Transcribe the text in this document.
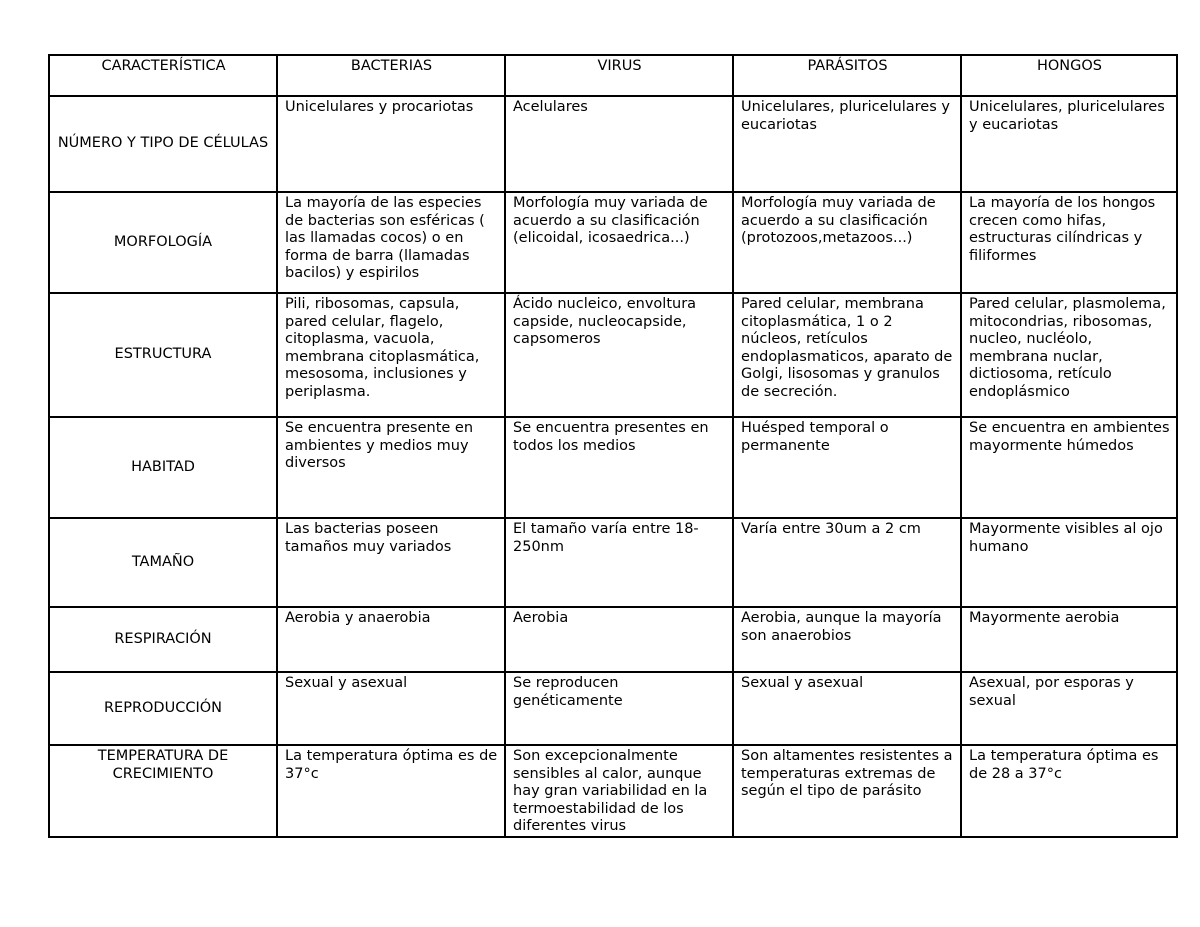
CARACTERÍSTICA	BACTERIAS	VIRUS	PARÁSITOS	HONGOS
NÚMERO Y TIPO DE CÉLULAS	Unicelulares y procariotas	Acelulares	Unicelulares, pluricelulares y eucariotas	Unicelulares, pluricelulares y eucariotas
MORFOLOGÍA	La mayoría de las especies de bacterias son esféricas ( las llamadas cocos) o en forma de barra (llamadas bacilos) y espirilos	Morfología muy variada de acuerdo a su clasificación (elicoidal, icosaedrica...)	Morfología muy variada de acuerdo a su clasificación (protozoos,metazoos...)	La mayoría de los hongos crecen como hifas, estructuras cilíndricas y filiformes
ESTRUCTURA	Pili, ribosomas, capsula, pared celular, flagelo, citoplasma, vacuola, membrana citoplasmática, mesosoma, inclusiones y periplasma.	Ácido nucleico, envoltura capside, nucleocapside, capsomeros	Pared celular, membrana citoplasmática, 1 o 2 núcleos, retículos endoplasmaticos, aparato de Golgi, lisosomas y granulos de secreción.	Pared celular, plasmolema, mitocondrias, ribosomas, nucleo, nucléolo, membrana nuclar, dictiosoma, retículo endoplásmico
HABITAD	Se encuentra presente en ambientes y medios muy diversos	Se encuentra presentes en todos los medios	Huésped temporal o permanente	Se encuentra en ambientes mayormente húmedos
TAMAÑO	Las bacterias poseen tamaños muy variados	El tamaño varía entre 18-250nm	Varía entre 30um a 2 cm	Mayormente visibles al ojo humano
RESPIRACIÓN	Aerobia y anaerobia	Aerobia	Aerobia, aunque la mayoría son anaerobios	Mayormente aerobia
REPRODUCCIÓN	Sexual y asexual	Se reproducen genéticamente	Sexual y asexual	Asexual, por esporas y sexual
TEMPERATURA DE CRECIMIENTO	La temperatura óptima es de 37°c	Son excepcionalmente sensibles al calor, aunque hay gran variabilidad en la termoestabilidad de los diferentes virus	Son altamentes resistentes a temperaturas extremas de según el tipo de parásito	La temperatura óptima es de 28 a 37°c
